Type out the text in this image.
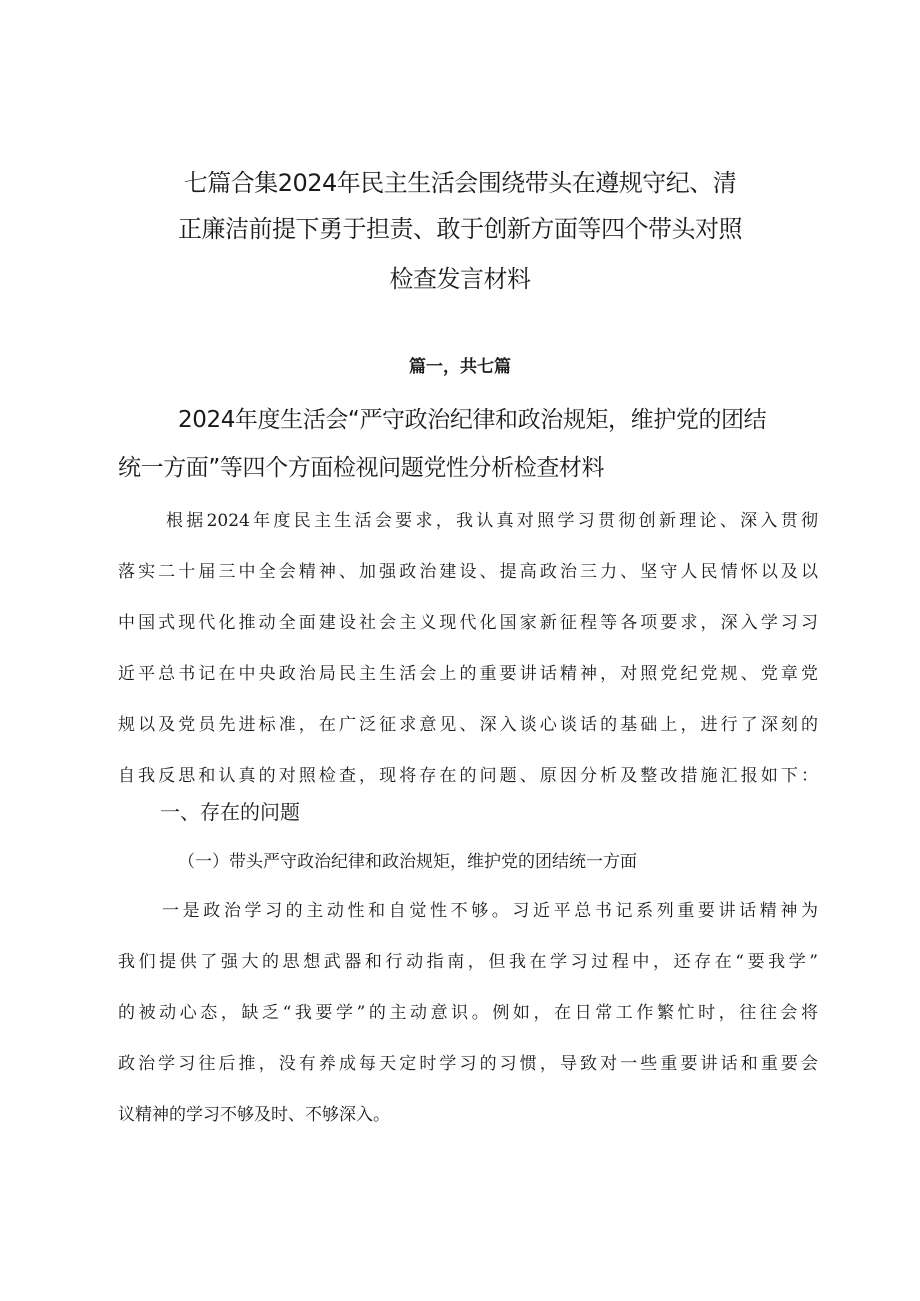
七篇合集2024年民主生活会围绕带头在遵规守纪、清
正廉洁前提下勇于担责、敢于创新方面等四个带头对照
检查发言材料
篇一，共七篇
2024年度生活会“严守政治纪律和政治规矩，维护党的团结
统一方面”等四个方面检视问题党性分析检查材料
根据2024年度民主生活会要求，我认真对照学习贯彻创新理论、深入贯彻
落实二十届三中全会精神、加强政治建设、提高政治三力、坚守人民情怀以及以
中国式现代化推动全面建设社会主义现代化国家新征程等各项要求，深入学习习
近平总书记在中央政治局民主生活会上的重要讲话精神，对照党纪党规、党章党
规以及党员先进标准，在广泛征求意见、深入谈心谈话的基础上，进行了深刻的
自我反思和认真的对照检查，现将存在的问题、原因分析及整改措施汇报如下：
一、存在的问题
（一）带头严守政治纪律和政治规矩，维护党的团结统一方面
一是政治学习的主动性和自觉性不够。习近平总书记系列重要讲话精神为
我们提供了强大的思想武器和行动指南，但我在学习过程中，还存在“要我学”
的被动心态，缺乏“我要学”的主动意识。例如，在日常工作繁忙时，往往会将
政治学习往后推，没有养成每天定时学习的习惯，导致对一些重要讲话和重要会
议精神的学习不够及时、不够深入。
